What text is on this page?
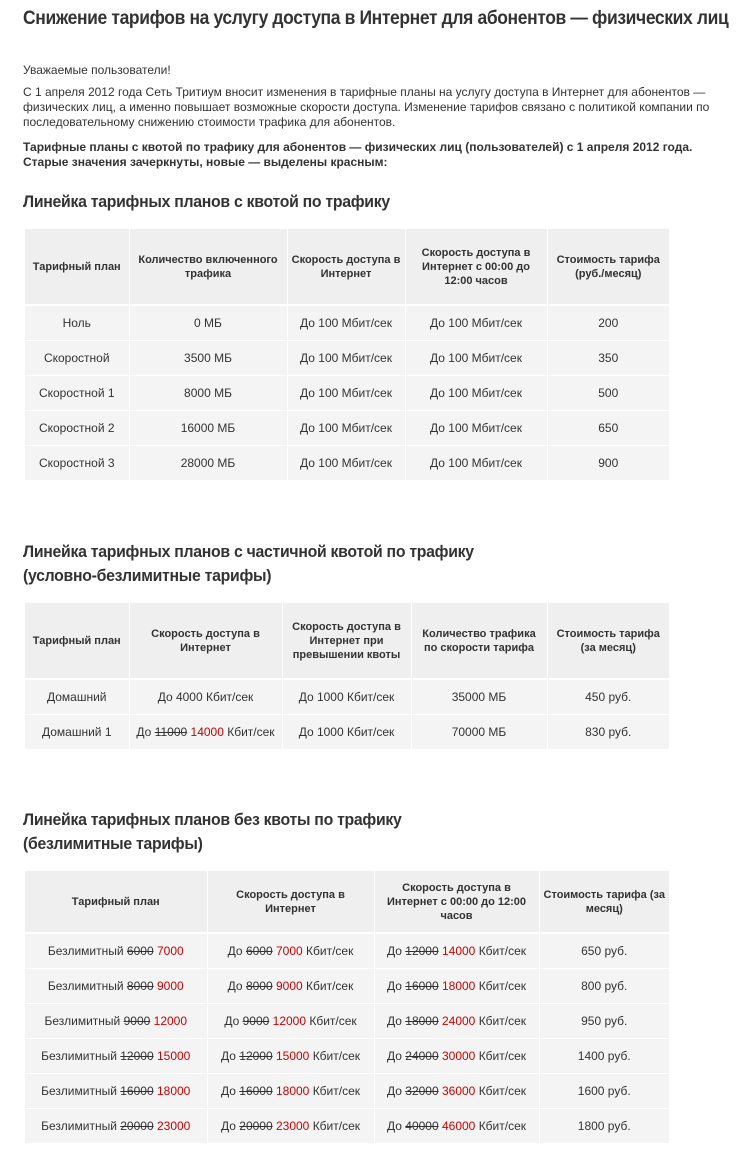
Снижение тарифов на услугу доступа в Интернет для абонентов — физических лиц

Уважаемые пользователи!

С 1 апреля 2012 года Сеть Тритиум вносит изменения в тарифные планы на услугу доступа в Интернет для абонентов — физических лиц, а именно повышает возможные скорости доступа. Изменение тарифов связано с политикой компании по последовательному снижению стоимости трафика для абонентов.

Тарифные планы с квотой по трафику для абонентов — физических лиц (пользователей) с 1 апреля 2012 года. Старые значения зачеркнуты, новые — выделены красным:

Линейка тарифных планов с квотой по трафику
Тарифный план	Количество включенного трафика	Скорость доступа в Интернет	Скорость доступа в Интернет с 00:00 до 12:00 часов	Стоимость тарифа (руб./месяц)
Ноль	0 МБ	До 100 Мбит/сек	До 100 Мбит/сек	200
Скоростной	3500 МБ	До 100 Мбит/сек	До 100 Мбит/сек	350
Скоростной 1	8000 МБ	До 100 Мбит/сек	До 100 Мбит/сек	500
Скоростной 2	16000 МБ	До 100 Мбит/сек	До 100 Мбит/сек	650
Скоростной 3	28000 МБ	До 100 Мбит/сек	До 100 Мбит/сек	900
Линейка тарифных планов с частичной квотой по трафику
(условно-безлимитные тарифы)
Тарифный план	Скорость доступа в Интернет	Скорость доступа в Интернет при превышении квоты	Количество трафика по скорости тарифа	Стоимость тарифа (за месяц)
Домашний	До 4000 Кбит/сек	До 1000 Кбит/сек	35000 МБ	450 руб.
Домашний 1	До 11000 14000 Кбит/сек	До 1000 Кбит/сек	70000 МБ	830 руб.
Линейка тарифных планов без квоты по трафику
(безлимитные тарифы)
Тарифный план	Скорость доступа в Интернет	Скорость доступа в Интернет с 00:00 до 12:00 часов	Стоимость тарифа (за месяц)
Безлимитный 6000 7000	До 6000 7000 Кбит/сек	До 12000 14000 Кбит/сек	650 руб.
Безлимитный 8000 9000	До 8000 9000 Кбит/сек	До 16000 18000 Кбит/сек	800 руб.
Безлимитный 9000 12000	До 9000 12000 Кбит/сек	До 18000 24000 Кбит/сек	950 руб.
Безлимитный 12000 15000	До 12000 15000 Кбит/сек	До 24000 30000 Кбит/сек	1400 руб.
Безлимитный 16000 18000	До 16000 18000 Кбит/сек	До 32000 36000 Кбит/сек	1600 руб.
Безлимитный 20000 23000	До 20000 23000 Кбит/сек	До 40000 46000 Кбит/сек	1800 руб.
